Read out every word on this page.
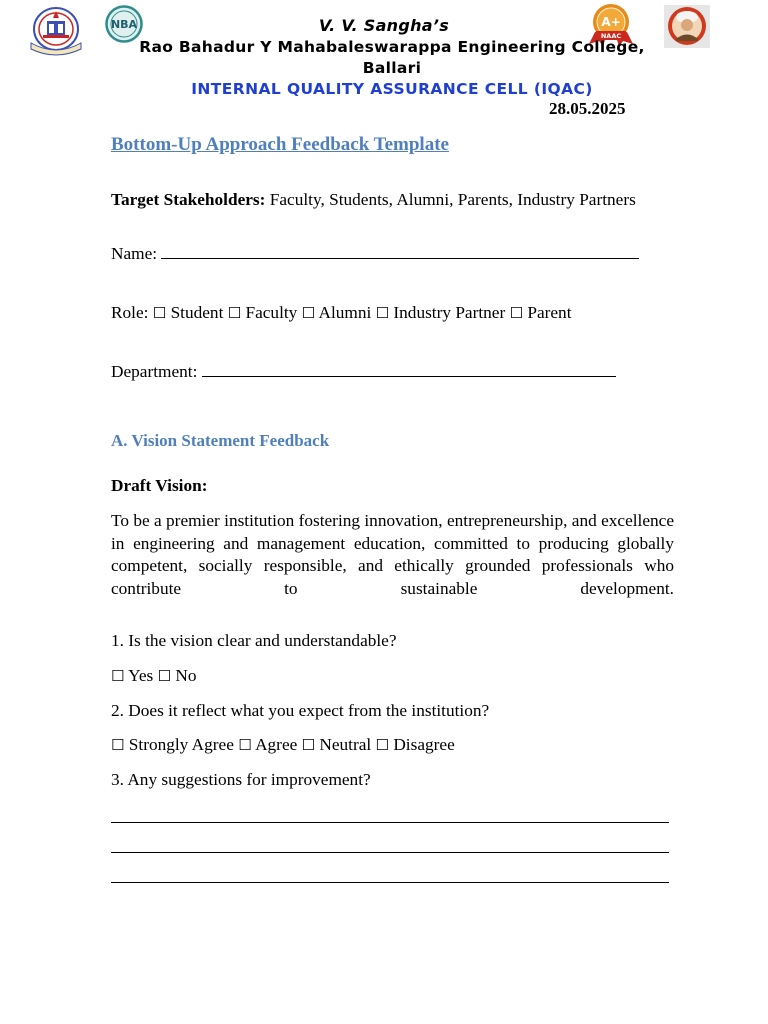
NBA	A+
NAAC
V. V. Sangha’s
Rao Bahadur Y Mahabaleswarappa Engineering College,
Ballari
INTERNAL QUALITY ASSURANCE CELL (IQAC)
28.05.2025
Bottom-Up Approach Feedback Template
Target Stakeholders: Faculty, Students, Alumni, Parents, Industry Partners
Name:
Role: ☐ Student ☐ Faculty ☐ Alumni ☐ Industry Partner ☐ Parent
Department:
A. Vision Statement Feedback
Draft Vision:
To be a premier institution fostering innovation, entrepreneurship, and excellence in engineering and management education, committed to producing globally competent, socially responsible, and ethically grounded professionals who contribute to sustainable development.
1. Is the vision clear and understandable?
☐ Yes ☐ No
2. Does it reflect what you expect from the institution?
☐ Strongly Agree ☐ Agree ☐ Neutral ☐ Disagree
3. Any suggestions for improvement?
